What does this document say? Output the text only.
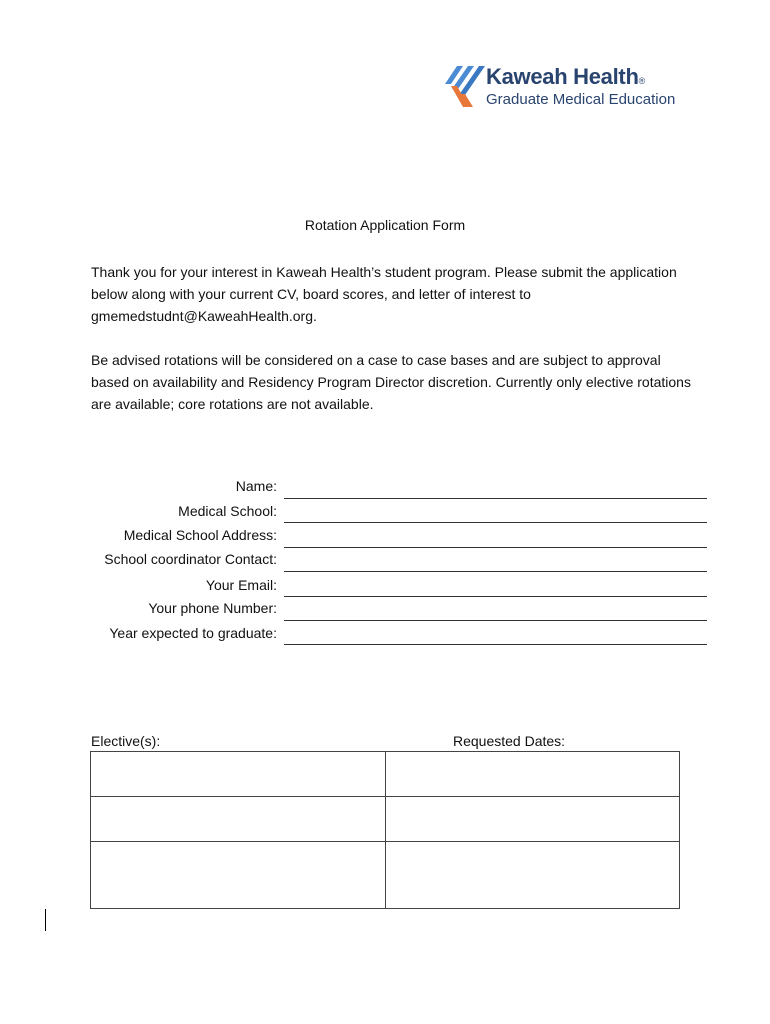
Kaweah Health®
Graduate Medical Education
Rotation Application Form

Thank you for your interest in Kaweah Health’s student program. Please submit the application below along with your current CV, board scores, and letter of interest to gmemedstudnt@KaweahHealth.org.

Be advised rotations will be considered on a case to case bases and are subject to approval based on availability and Residency Program Director discretion. Currently only elective rotations are available; core rotations are not available.

Name:
Medical School:
Medical School Address:
School coordinator Contact:
Your Email:
Your phone Number:
Year expected to graduate:
Elective(s):	Requested Dates:
